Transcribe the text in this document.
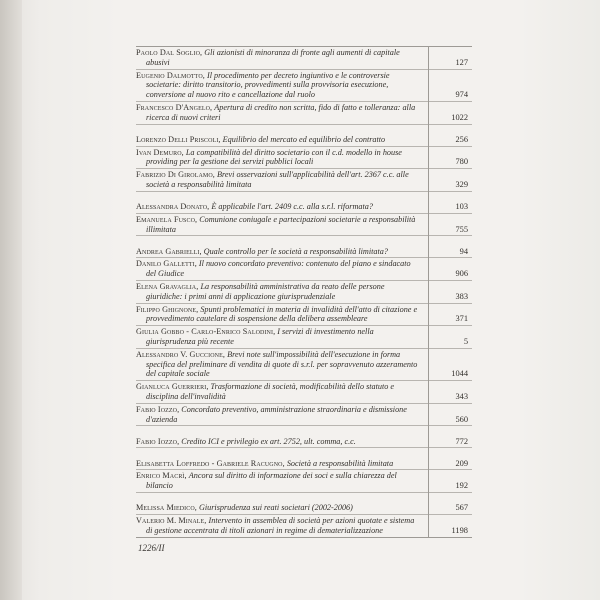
Paolo Dal Soglio, Gli azionisti di minoranza di fronte agli aumenti di capitale abusivi	127
Eugenio Dalmotto, Il procedimento per decreto ingiuntivo e le controversie societarie: diritto transitorio, provvedimenti sulla provvisoria esecuzione, conversione al nuovo rito e cancellazione dal ruolo	974
Francesco D'Angelo, Apertura di credito non scritta, fido di fatto e tolleranza: alla ricerca di nuovi criteri	1022
Lorenzo Delli Priscoli, Equilibrio del mercato ed equilibrio del contratto	256
Ivan Demuro, La compatibilità del diritto societario con il c.d. modello in house providing per la gestione dei servizi pubblici locali	780
Fabrizio Di Girolamo, Brevi osservazioni sull'applicabilità dell'art. 2367 c.c. alle società a responsabilità limitata	329
Alessandra Donato, È applicabile l'art. 2409 c.c. alla s.r.l. riformata?	103
Emanuela Fusco, Comunione coniugale e partecipazioni societarie a responsabilità illimitata	755
Andrea Gabrielli, Quale controllo per le società a responsabilità limitata?	94
Danilo Galletti, Il nuovo concordato preventivo: contenuto del piano e sindacato del Giudice	906
Elena Gravaglia, La responsabilità amministrativa da reato delle persone giuridiche: i primi anni di applicazione giurisprudenziale	383
Filippo Ghignone, Spunti problematici in materia di invalidità dell'atto di citazione e provvedimento cautelare di sospensione della delibera assembleare	371
Giulia Gobbo - Carlo-Enrico Salodini, I servizi di investimento nella giurisprudenza più recente	5
Alessandro V. Guccione, Brevi note sull'impossibilità dell'esecuzione in forma specifica del preliminare di vendita di quote di s.r.l. per sopravvenuto azzeramento del capitale sociale	1044
Gianluca Guerrieri, Trasformazione di società, modificabilità dello statuto e disciplina dell'invalidità	343
Fabio Iozzo, Concordato preventivo, amministrazione straordinaria e dismissione d'azienda	560
Fabio Iozzo, Credito ICI e privilegio ex art. 2752, ult. comma, c.c.	772
Elisabetta Loffredo - Gabriele Racugno, Società a responsabilità limitata	209
Enrico Macrì, Ancora sul diritto di informazione dei soci e sulla chiarezza del bilancio	192
Melissa Miedico, Giurisprudenza sui reati societari (2002-2006)	567
Valerio M. Minale, Intervento in assemblea di società per azioni quotate e sistema di gestione accentrata di titoli azionari in regime di dematerializzazione	1198
1226/II
